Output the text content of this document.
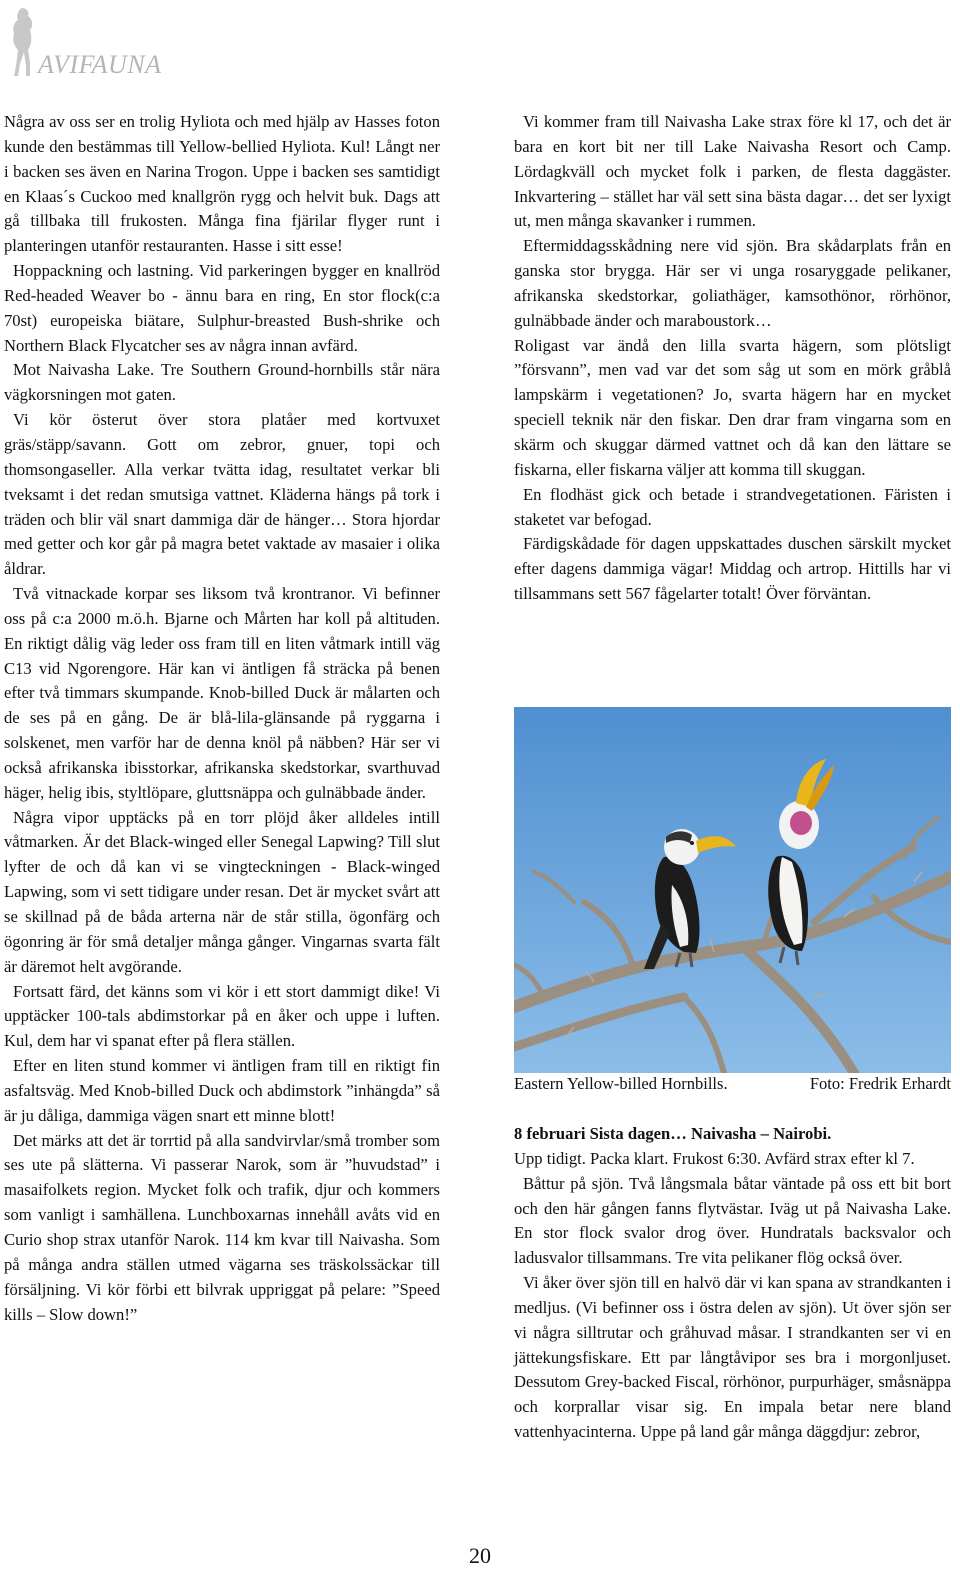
AVIFAUNA

Några av oss ser en trolig Hyliota och med hjälp av Hasses foton kunde den bestämmas till Yellow-bellied Hyliota. Kul! Långt ner i backen ses även en Narina Trogon. Uppe i backen ses samtidigt en Klaas´s Cuckoo med knallgrön rygg och helvit buk. Dags att gå tillbaka till frukosten. Många fina fjärilar flyger runt i planteringen utanför restauranten. Hasse i sitt esse!

Hoppackning och lastning. Vid parkeringen bygger en knallröd Red-headed Weaver bo - ännu bara en ring, En stor flock(c:a 70st) europeiska biätare, Sulphur-breasted Bush-shrike och Northern Black Flycatcher ses av några innan avfärd.

Mot Naivasha Lake. Tre Southern Ground-hornbills står nära vägkorsningen mot gaten.

Vi kör österut över stora platåer med kortvuxet gräs/stäpp/savann. Gott om zebror, gnuer, topi och thomsongaseller. Alla verkar tvätta idag, resultatet verkar bli tveksamt i det redan smutsiga vattnet. Kläderna hängs på tork i träden och blir väl snart dammiga där de hänger… Stora hjordar med getter och kor går på magra betet vaktade av masaier i olika åldrar.

Två vitnackade korpar ses liksom två krontranor. Vi befinner oss på c:a 2000 m.ö.h. Bjarne och Mårten har koll på altituden. En riktigt dålig väg leder oss fram till en liten våtmark intill väg C13 vid Ngorengore. Här kan vi äntligen få sträcka på benen efter två timmars skumpande. Knob-billed Duck är målarten och de ses på en gång. De är blå-lila-glänsande på ryggarna i solskenet, men varför har de denna knöl på näbben? Här ser vi också afrikanska ibisstorkar, afrikanska skedstorkar, svarthuvad häger, helig ibis, styltlöpare, gluttsnäppa och gulnäbbade änder.

Några vipor upptäcks på en torr plöjd åker alldeles intill våtmarken. Är det Black-winged eller Senegal Lapwing? Till slut lyfter de och då kan vi se vingteckningen - Black-winged Lapwing, som vi sett tidigare under resan. Det är mycket svårt att se skillnad på de båda arterna när de står stilla, ögonfärg och ögonring är för små detaljer många gånger. Vingarnas svarta fält är däremot helt avgörande.

Fortsatt färd, det känns som vi kör i ett stort dammigt dike! Vi upptäcker 100-tals abdimstorkar på en åker och uppe i luften. Kul, dem har vi spanat efter på flera ställen.

Efter en liten stund kommer vi äntligen fram till en riktigt fin asfaltsväg. Med Knob-billed Duck och abdimstork ”inhängda” så är ju dåliga, dammiga vägen snart ett minne blott!

Det märks att det är torrtid på alla sandvirvlar/små tromber som ses ute på slätterna. Vi passerar Narok, som är ”huvudstad” i masaifolkets region. Mycket folk och trafik, djur och kommers som vanligt i samhällena. Lunchboxarnas innehåll avåts vid en Curio shop strax utanför Narok. 114 km kvar till Naivasha. Som på många andra ställen utmed vägarna ses träskolssäckar till försäljning. Vi kör förbi ett bilvrak uppriggat på pelare: ”Speed kills – Slow down!”

Vi kommer fram till Naivasha Lake strax före kl 17, och det är bara en kort bit ner till Lake Naivasha Resort och Camp. Lördagkväll och mycket folk i parken, de flesta daggäster. Inkvartering – stället har väl sett sina bästa dagar… det ser lyxigt ut, men många skavanker i rummen.

Eftermiddagsskådning nere vid sjön. Bra skådarplats från en ganska stor brygga. Här ser vi unga rosaryggade pelikaner, afrikanska skedstorkar, goliathäger, kamsothönor, rörhönor, gulnäbbade änder och maraboustork…

Roligast var ändå den lilla svarta hägern, som plötsligt ”försvann”, men vad var det som såg ut som en mörk gråblå lampskärm i vegetationen? Jo, svarta hägern har en mycket speciell teknik när den fiskar. Den drar fram vingarna som en skärm och skuggar därmed vattnet och då kan den lättare se fiskarna, eller fiskarna väljer att komma till skuggan.

En flodhäst gick och betade i strandvegetationen. Färisten i staketet var befogad.

Färdigskådade för dagen uppskattades duschen särskilt mycket efter dagens dammiga vägar! Middag och artrop. Hittills har vi tillsammans sett 567 fågelarter totalt! Över förväntan.

Eastern Yellow-billed Hornbills.	Foto: Fredrik Erhardt

8 februari Sista dagen… Naivasha – Nairobi.

Upp tidigt. Packa klart. Frukost 6:30. Avfärd strax efter kl 7.

Båttur på sjön. Två långsmala båtar väntade på oss ett bit bort och den här gången fanns flytvästar. Iväg ut på Naivasha Lake. En stor flock svalor drog över. Hundratals backsvalor och ladusvalor tillsammans. Tre vita pelikaner flög också över.

Vi åker över sjön till en halvö där vi kan spana av strandkanten i medljus. (Vi befinner oss i östra delen av sjön). Ut över sjön ser vi några silltrutar och gråhuvad måsar. I strandkanten ser vi en jättekungsfiskare. Ett par långtåvipor ses bra i morgonljuset. Dessutom Grey-backed Fiscal, rörhönor, purpurhäger, småsnäppa och korprallar visar sig. En impala betar nere bland vattenhyacinterna. Uppe på land går många däggdjur: zebror,

20
